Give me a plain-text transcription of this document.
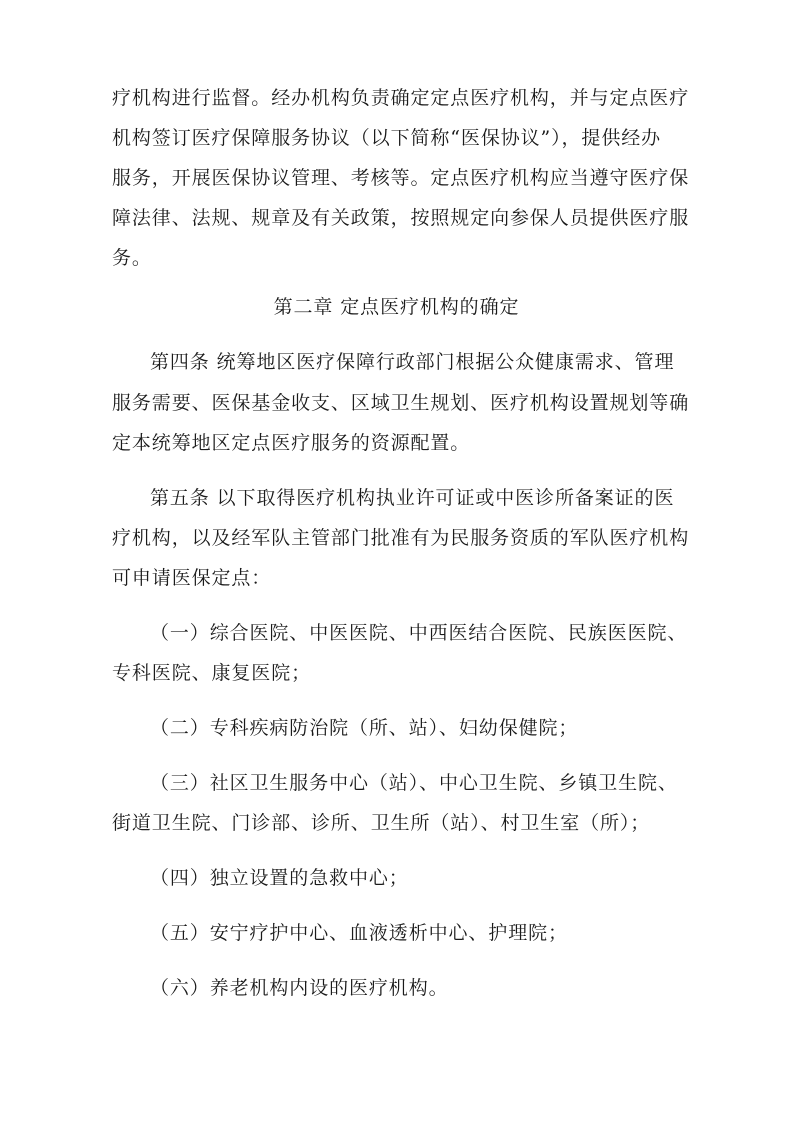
疗机构进行监督。经办机构负责确定定点医疗机构，并与定点医疗
机构签订医疗保障服务协议（以下简称“医保协议”），提供经办
服务，开展医保协议管理、考核等。定点医疗机构应当遵守医疗保
障法律、法规、规章及有关政策，按照规定向参保人员提供医疗服
务。
第二章 定点医疗机构的确定
第四条 统筹地区医疗保障行政部门根据公众健康需求、管理
服务需要、医保基金收支、区域卫生规划、医疗机构设置规划等确
定本统筹地区定点医疗服务的资源配置。
第五条 以下取得医疗机构执业许可证或中医诊所备案证的医
疗机构，以及经军队主管部门批准有为民服务资质的军队医疗机构
可申请医保定点：
（一）综合医院、中医医院、中西医结合医院、民族医医院、
专科医院、康复医院；
（二）专科疾病防治院（所、站）、妇幼保健院；
（三）社区卫生服务中心（站）、中心卫生院、乡镇卫生院、
街道卫生院、门诊部、诊所、卫生所（站）、村卫生室（所）；
（四）独立设置的急救中心；
（五）安宁疗护中心、血液透析中心、护理院；
（六）养老机构内设的医疗机构。
